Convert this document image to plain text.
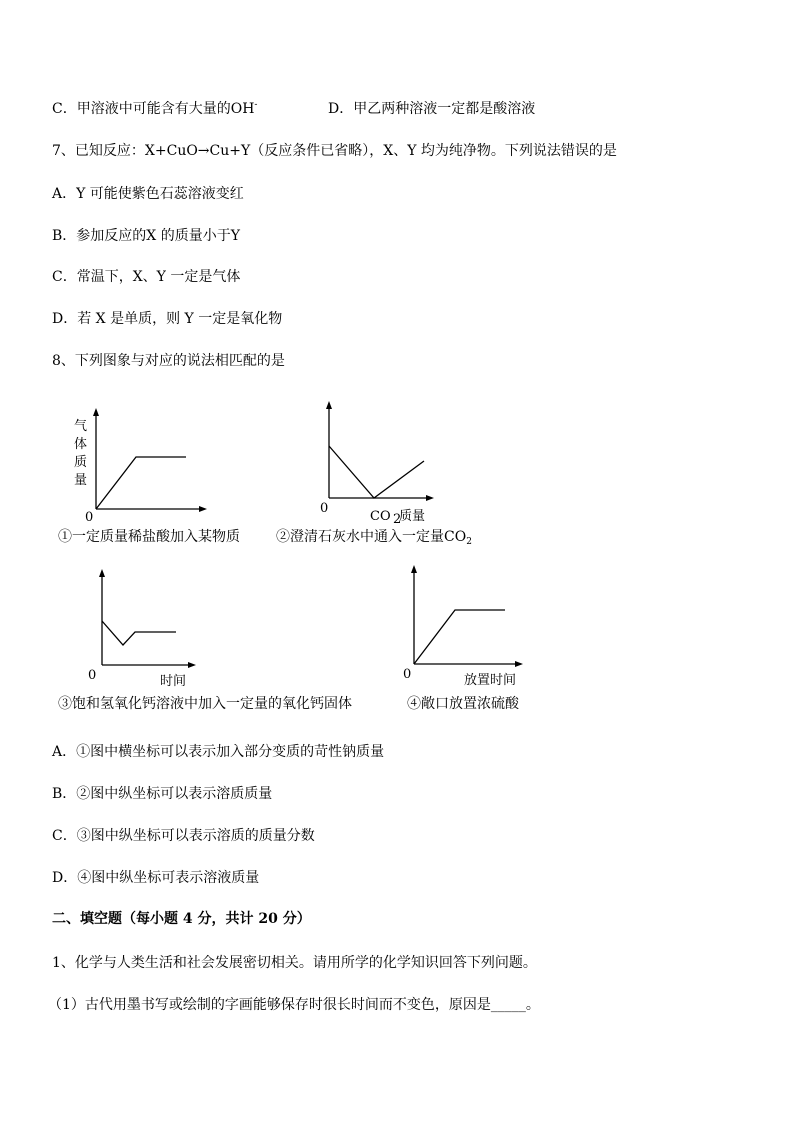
C．甲溶液中可能含有大量的OH-	D．甲乙两种溶液一定都是酸溶液
7、已知反应：X+CuO→Cu+Y（反应条件已省略），X、Y 均为纯净物。下列说法错误的是
A．Y 可能使紫色石蕊溶液变红
B．参加反应的X 的质量小于Y
C．常温下，X、Y 一定是气体
D．若 X 是单质，则 Y 一定是氧化物
8、下列图象与对应的说法相匹配的是
气
体
质
量
0
0
CO 2
质量
0	时间	0	放置时间
①一定质量稀盐酸加入某物质	②澄清石灰水中通入一定量$CO_2$
③饱和氢氧化钙溶液中加入一定量的氧化钙固体	④敞口放置浓硫酸
A．①图中横坐标可以表示加入部分变质的苛性钠质量
B．②图中纵坐标可以表示溶质质量
C．③图中纵坐标可以表示溶质的质量分数
D．④图中纵坐标可表示溶液质量
二、填空题（每小题 4 分，共计 20 分）
1、化学与人类生活和社会发展密切相关。请用所学的化学知识回答下列问题。
（1）古代用墨书写或绘制的字画能够保存时很长时间而不变色，原因是_____。
